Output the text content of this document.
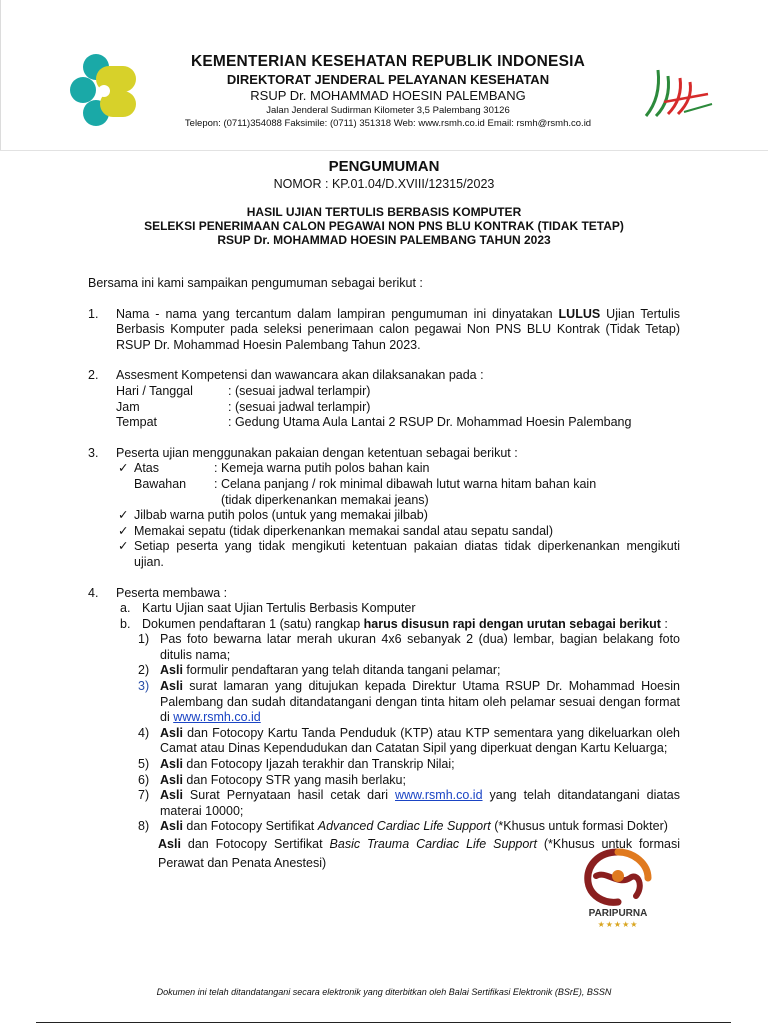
KEMENTERIAN KESEHATAN REPUBLIK INDONESIA
DIREKTORAT JENDERAL PELAYANAN KESEHATAN
RSUP Dr. MOHAMMAD HOESIN PALEMBANG
Jalan Jenderal Sudirman Kilometer 3,5 Palembang 30126
Telepon: (0711)354088 Faksimile: (0711) 351318 Web: www.rsmh.co.id Email: rsmh@rsmh.co.id
PENGUMUMAN
NOMOR : KP.01.04/D.XVIII/12315/2023
HASIL UJIAN TERTULIS BERBASIS KOMPUTER
SELEKSI PENERIMAAN CALON PEGAWAI NON PNS BLU KONTRAK (TIDAK TETAP)
RSUP Dr. MOHAMMAD HOESIN PALEMBANG TAHUN 2023

Bersama ini kami sampaikan pengumuman sebagai berikut :

1. Nama - nama yang tercantum dalam lampiran pengumuman ini dinyatakan LULUS Ujian Tertulis Berbasis Komputer pada seleksi penerimaan calon pegawai Non PNS BLU Kontrak (Tidak Tetap) RSUP Dr. Mohammad Hoesin Palembang Tahun 2023.

2. Assesment Kompetensi dan wawancara akan dilaksanakan pada :

Hari / Tanggal	: (sesuai jadwal terlampir)
Jam	: (sesuai jadwal terlampir)
Tempat	: Gedung Utama Aula Lantai 2 RSUP Dr. Mohammad Hoesin Palembang
3. Peserta ujian menggunakan pakaian dengan ketentuan sebagai berikut :

✓ Atas	: Kemeja warna putih polos bahan kain
Bawahan : Celana panjang / rok minimal dibawah lutut warna hitam bahan kain
(tidak diperkenankan memakai jeans)
✓ Jilbab warna putih polos (untuk yang memakai jilbab)
✓ Memakai sepatu (tidak diperkenankan memakai sandal atau sepatu sandal)
✓ Setiap peserta yang tidak mengikuti ketentuan pakaian diatas tidak diperkenankan mengikuti ujian.
4. Peserta membawa :

a. Kartu Ujian saat Ujian Tertulis Berbasis Komputer
b. Dokumen pendaftaran 1 (satu) rangkap harus disusun rapi dengan urutan sebagai berikut :
1) Pas foto bewarna latar merah ukuran 4x6 sebanyak 2 (dua) lembar, bagian belakang foto ditulis nama;
2) Asli formulir pendaftaran yang telah ditanda tangani pelamar;
3) Asli surat lamaran yang ditujukan kepada Direktur Utama RSUP Dr. Mohammad Hoesin Palembang dan sudah ditandatangani dengan tinta hitam oleh pelamar sesuai dengan format di www.rsmh.co.id
4) Asli dan Fotocopy Kartu Tanda Penduduk (KTP) atau KTP sementara yang dikeluarkan oleh Camat atau Dinas Kependudukan dan Catatan Sipil yang diperkuat dengan Kartu Keluarga;
5) Asli dan Fotocopy Ijazah terakhir dan Transkrip Nilai;
6) Asli dan Fotocopy STR yang masih berlaku;
7) Asli Surat Pernyataan hasil cetak dari www.rsmh.co.id yang telah ditandatangani diatas materai 10000;
8) Asli dan Fotocopy Sertifikat Advanced Cardiac Life Support (*Khusus untuk formasi Dokter)
Asli dan Fotocopy Sertifikat Basic Trauma Cardiac Life Support (*Khusus untuk formasi Perawat dan Penata Anestesi)
PARIPURNA
★★★★★
Dokumen ini telah ditandatangani secara elektronik yang diterbitkan oleh Balai Sertifikasi Elektronik (BSrE), BSSN
